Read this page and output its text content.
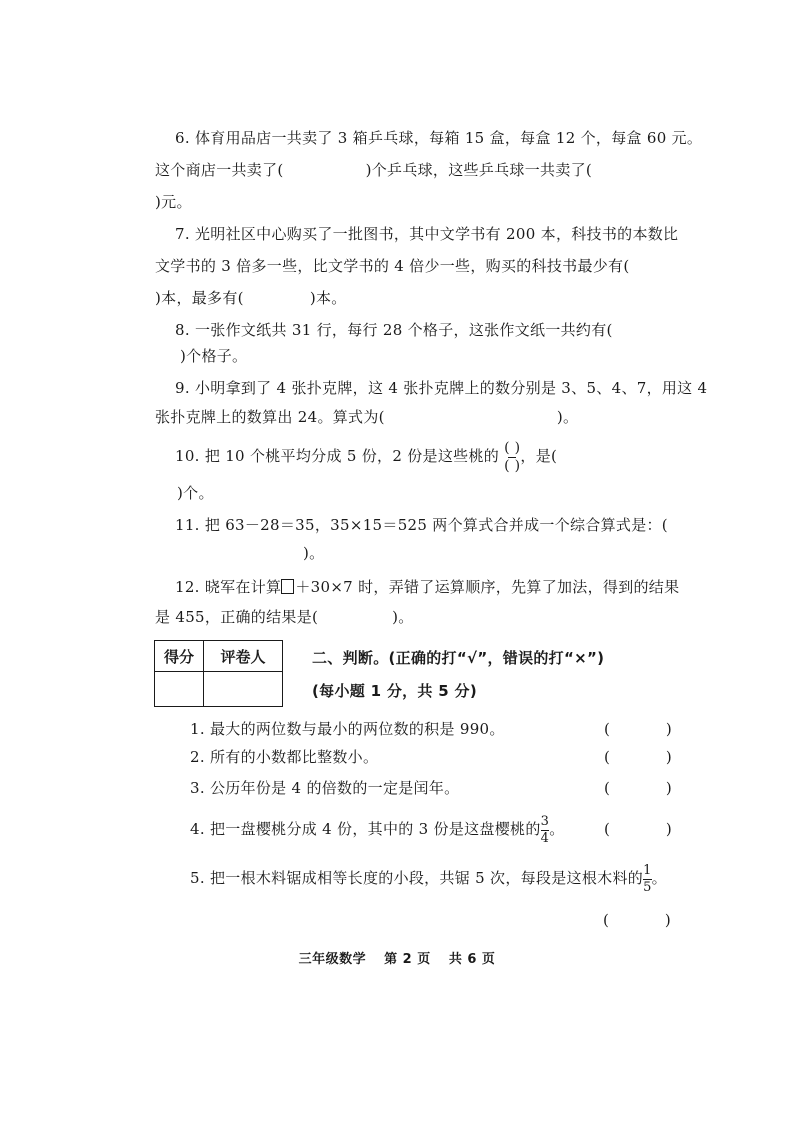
6. 体育用品店一共卖了 3 箱乒乓球，每箱 15 盒，每盒 12 个，每盒 60 元。
这个商店一共卖了(	)个乒乓球，这些乒乓球一共卖了(
)元。
7. 光明社区中心购买了一批图书，其中文学书有 200 本，科技书的本数比
文学书的 3 倍多一些，比文学书的 4 倍少一些，购买的科技书最少有(
)本，最多有(	)本。
8. 一张作文纸共 31 行，每行 28 个格子，这张作文纸一共约有(
)个格子。
9. 小明拿到了 4 张扑克牌，这 4 张扑克牌上的数分别是 3、5、4、7，用这 4
张扑克牌上的数算出 24。算式为(	)。
10. 把 10 个桃平均分成 5 份，2 份是这些桃的 $\frac{( )}{( )}$ ，是(
)个。
11. 把 63－28＝35，35×15＝525 两个算式合并成一个综合算式是：(
)。
12. 晓军在计算 ＋30×7 时，弄错了运算顺序，先算了加法，得到的结果
是 455，正确的结果是(	)。
得分	评卷人
		二、判断。(正确的打“√”，错误的打“×”)
(每小题 1 分，共 5 分)
1. 最大的两位数与最小的两位数的积是 990。	(	)
2. 所有的小数都比整数小。	(	)
3. 公历年份是 4 的倍数的一定是闰年。	(	)
4. 把一盘樱桃分成 4 份，其中的 3 份是这盘樱桃的 $\frac{3}{4}$ 。	(	)
5. 把一根木料锯成相等长度的小段，共锯 5 次，每段是这根木料的 $\frac{1}{5}$ 。
(	)
三年级数学 第 2 页 共 6 页
